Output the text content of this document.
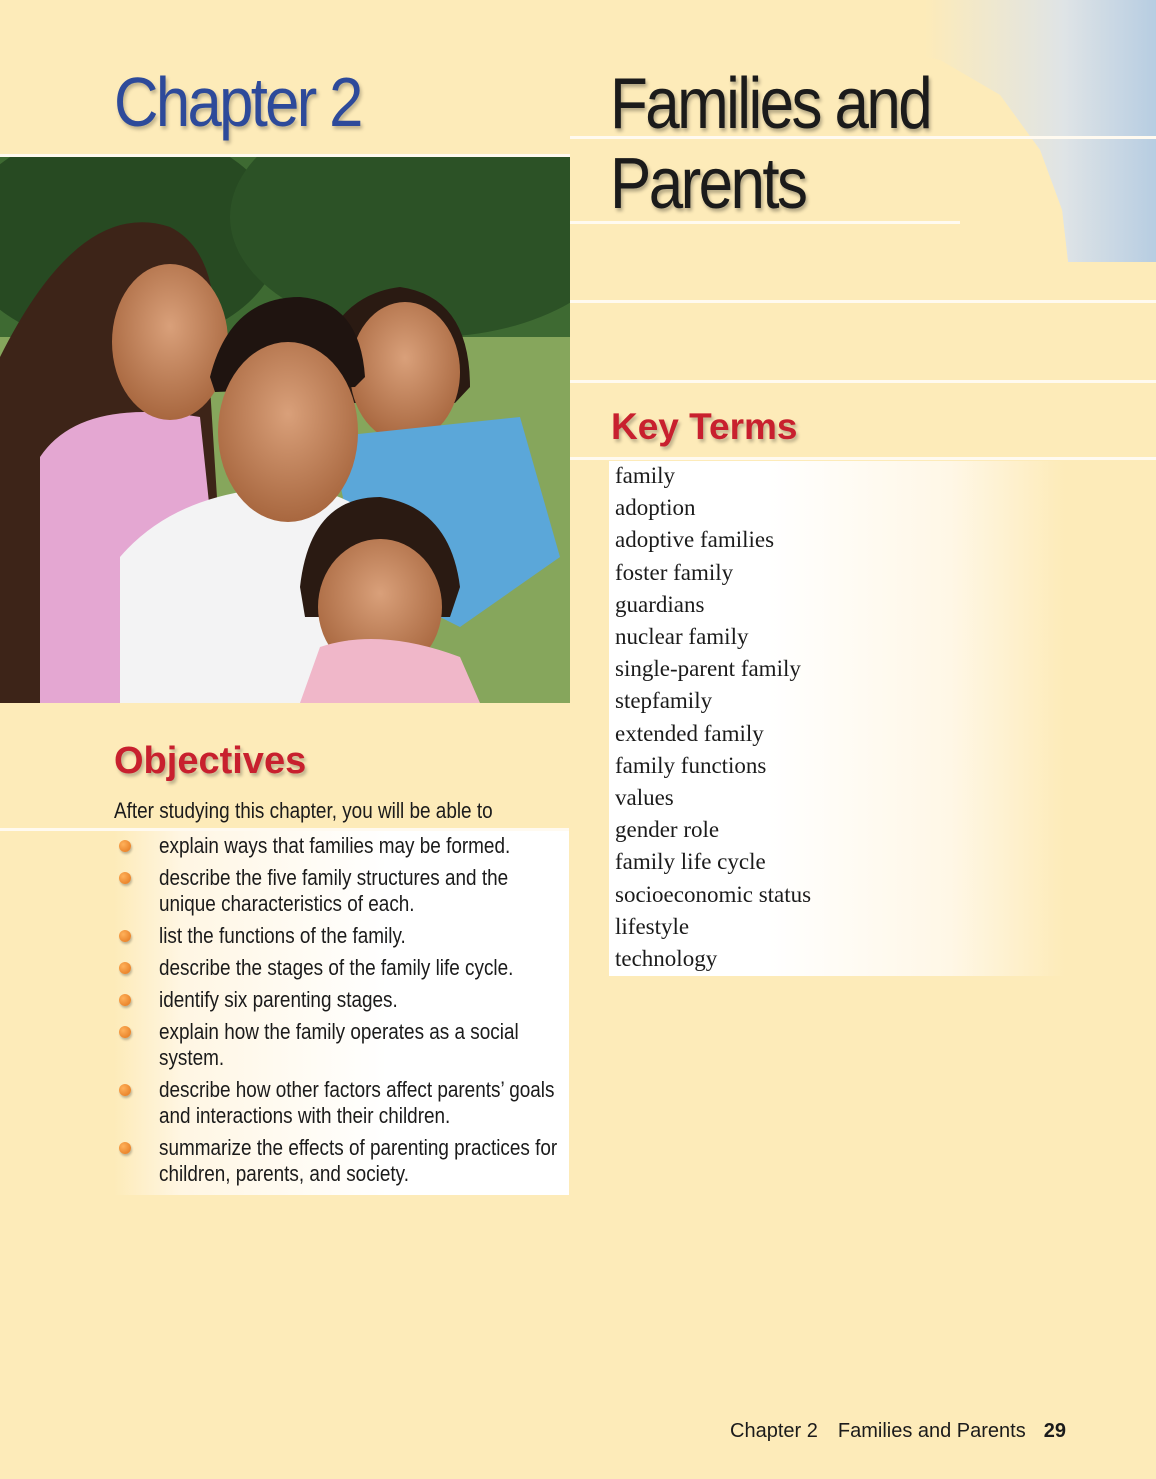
Chapter 2	Families and
Parents
Objectives
After studying this chapter, you will be able to
explain ways that families may be formed.
describe the five family structures and the unique characteristics of each.
list the functions of the family.
describe the stages of the family life cycle.
identify six parenting stages.
explain how the family operates as a social system.
describe how other factors affect parents’ goals and interactions with their children.
summarize the effects of parenting practices for children, parents, and society.
Key Terms
family
adoption
adoptive families
foster family
guardians
nuclear family
single-parent family
stepfamily
extended family
family functions
values
gender role
family life cycle
socioeconomic status
lifestyle
technology
Chapter 2 Families and Parents 29
